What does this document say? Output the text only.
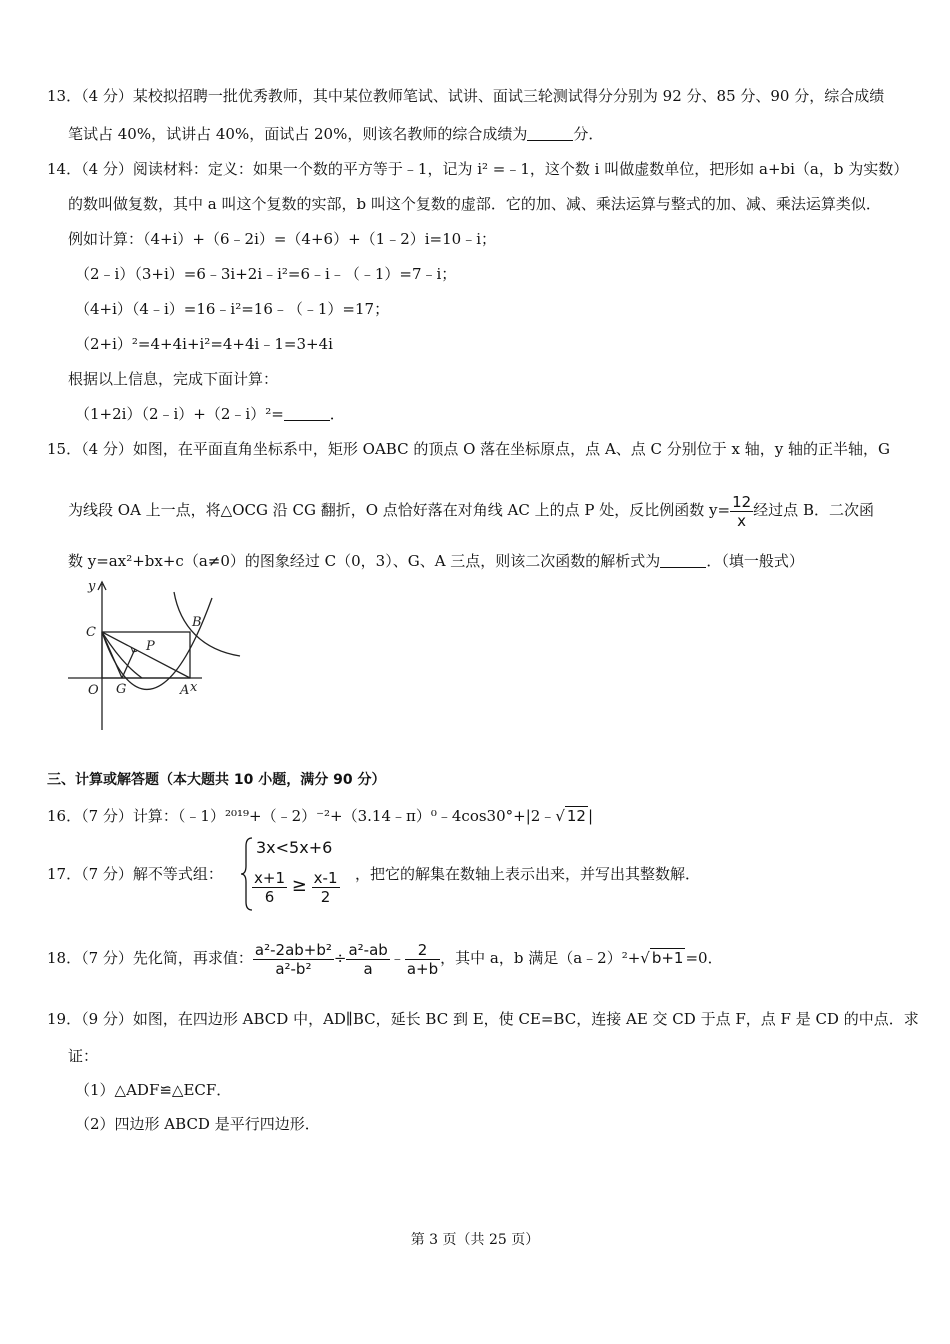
13．（4 分）某校拟招聘一批优秀教师，其中某位教师笔试、试讲、面试三轮测试得分分别为 92 分、85 分、90 分，综合成绩
笔试占 40%，试讲占 40%，面试占 20%，则该名教师的综合成绩为	分．
14．（4 分）阅读材料：定义：如果一个数的平方等于﹣1，记为 i² =﹣1，这个数 i 叫做虚数单位，把形如 a+bi（a，b 为实数）
的数叫做复数，其中 a 叫这个复数的实部，b 叫这个复数的虚部．它的加、减、乘法运算与整式的加、减、乘法运算类似．
例如计算：（4+i）+（6﹣2i）=（4+6）+（1﹣2）i=10﹣i；
（2﹣i）（3+i）=6﹣3i+2i﹣i²=6﹣i﹣（﹣1）=7﹣i；
（4+i）（4﹣i）=16﹣i²=16﹣（﹣1）=17；
（2+i）²=4+4i+i²=4+4i﹣1=3+4i
根据以上信息，完成下面计算：
（1+2i）（2﹣i）+（2﹣i）²=	．
15．（4 分）如图，在平面直角坐标系中，矩形 OABC 的顶点 O 落在坐标原点，点 A、点 C 分别位于 x 轴，y 轴的正半轴，G
为线段 OA 上一点，将△OCG 沿 CG 翻折，O 点恰好落在对角线 AC 上的点 P 处，反比例函数 $y= \frac{12}{x}$ 经过点 B．二次函
数 y=ax²+bx+c（a≠0）的图象经过 C（0，3）、G、A 三点，则该二次函数的解析式为	．（填一般式）
y
x
B
C
P
O G	A
三、计算或解答题（本大题共 10 小题，满分 90 分）
16．（7 分）计算：（﹣1）²⁰¹⁹+（﹣2）⁻²+（3.14﹣π）⁰﹣4cos30°+|2﹣√ 12 |
17．（7 分）解不等式组：
3x<5x+6
$\frac{x+1}{6} \ge \frac{x-1}{2}$ ，把它的解集在数轴上表示出来，并写出其整数解．
18．（7 分）先化简，再求值： $\frac{\text{a²-2ab+b²}}{\text{a²-b²}} \div \frac{\text{a²-ab}}{a}$ ﹣ $\frac{2}{a+b}$ ，其中 a，b 满足（a﹣2）²+√ b+1 =0．
19．（9 分）如图，在四边形 ABCD 中，AD∥BC，延长 BC 到 E，使 CE=BC，连接 AE 交 CD 于点 F，点 F 是 CD 的中点．求
证：
（1）△ADF≌△ECF．
（2）四边形 ABCD 是平行四边形．
第 3 页（共 25 页）
